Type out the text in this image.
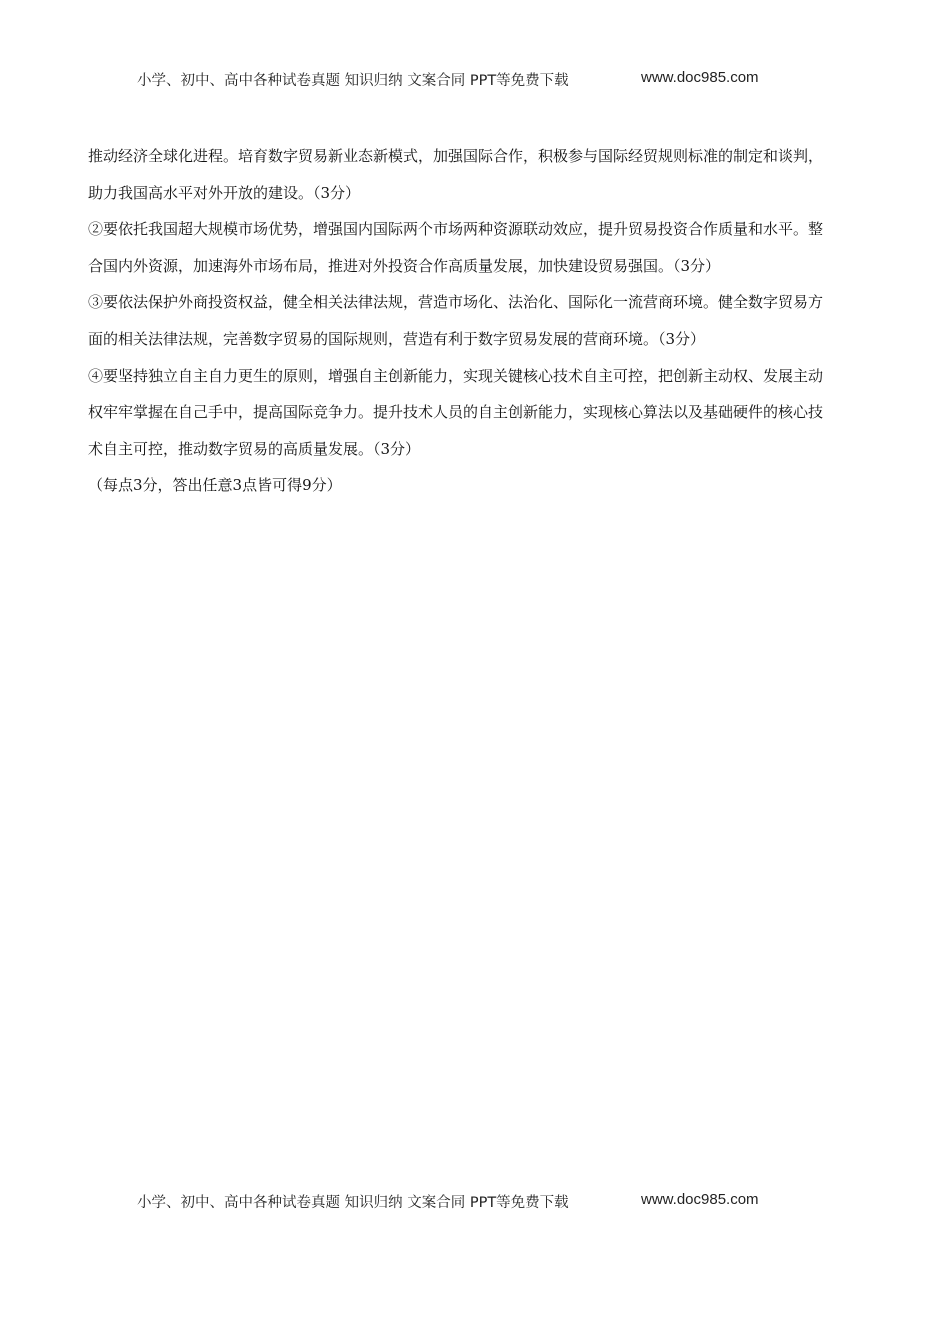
小学、初中、高中各种试卷真题 知识归纳 文案合同 PPT等免费下载	www.doc985.com

推动经济全球化进程。培育数字贸易新业态新模式，加强国际合作，积极参与国际经贸规则标准的制定和谈判，助力我国高水平对外开放的建设。（3分）

②要依托我国超大规模市场优势，增强国内国际两个市场两种资源联动效应，提升贸易投资合作质量和水平。整合国内外资源，加速海外市场布局，推进对外投资合作高质量发展，加快建设贸易强国。（3分）

③要依法保护外商投资权益，健全相关法律法规，营造市场化、法治化、国际化一流营商环境。健全数字贸易方面的相关法律法规，完善数字贸易的国际规则，营造有利于数字贸易发展的营商环境。（3分）

④要坚持独立自主自力更生的原则，增强自主创新能力，实现关键核心技术自主可控，把创新主动权、发展主动权牢牢掌握在自己手中，提高国际竞争力。提升技术人员的自主创新能力，实现核心算法以及基础硬件的核心技术自主可控，推动数字贸易的高质量发展。（3分）

（每点3分，答出任意3点皆可得9分）

小学、初中、高中各种试卷真题 知识归纳 文案合同 PPT等免费下载	www.doc985.com
